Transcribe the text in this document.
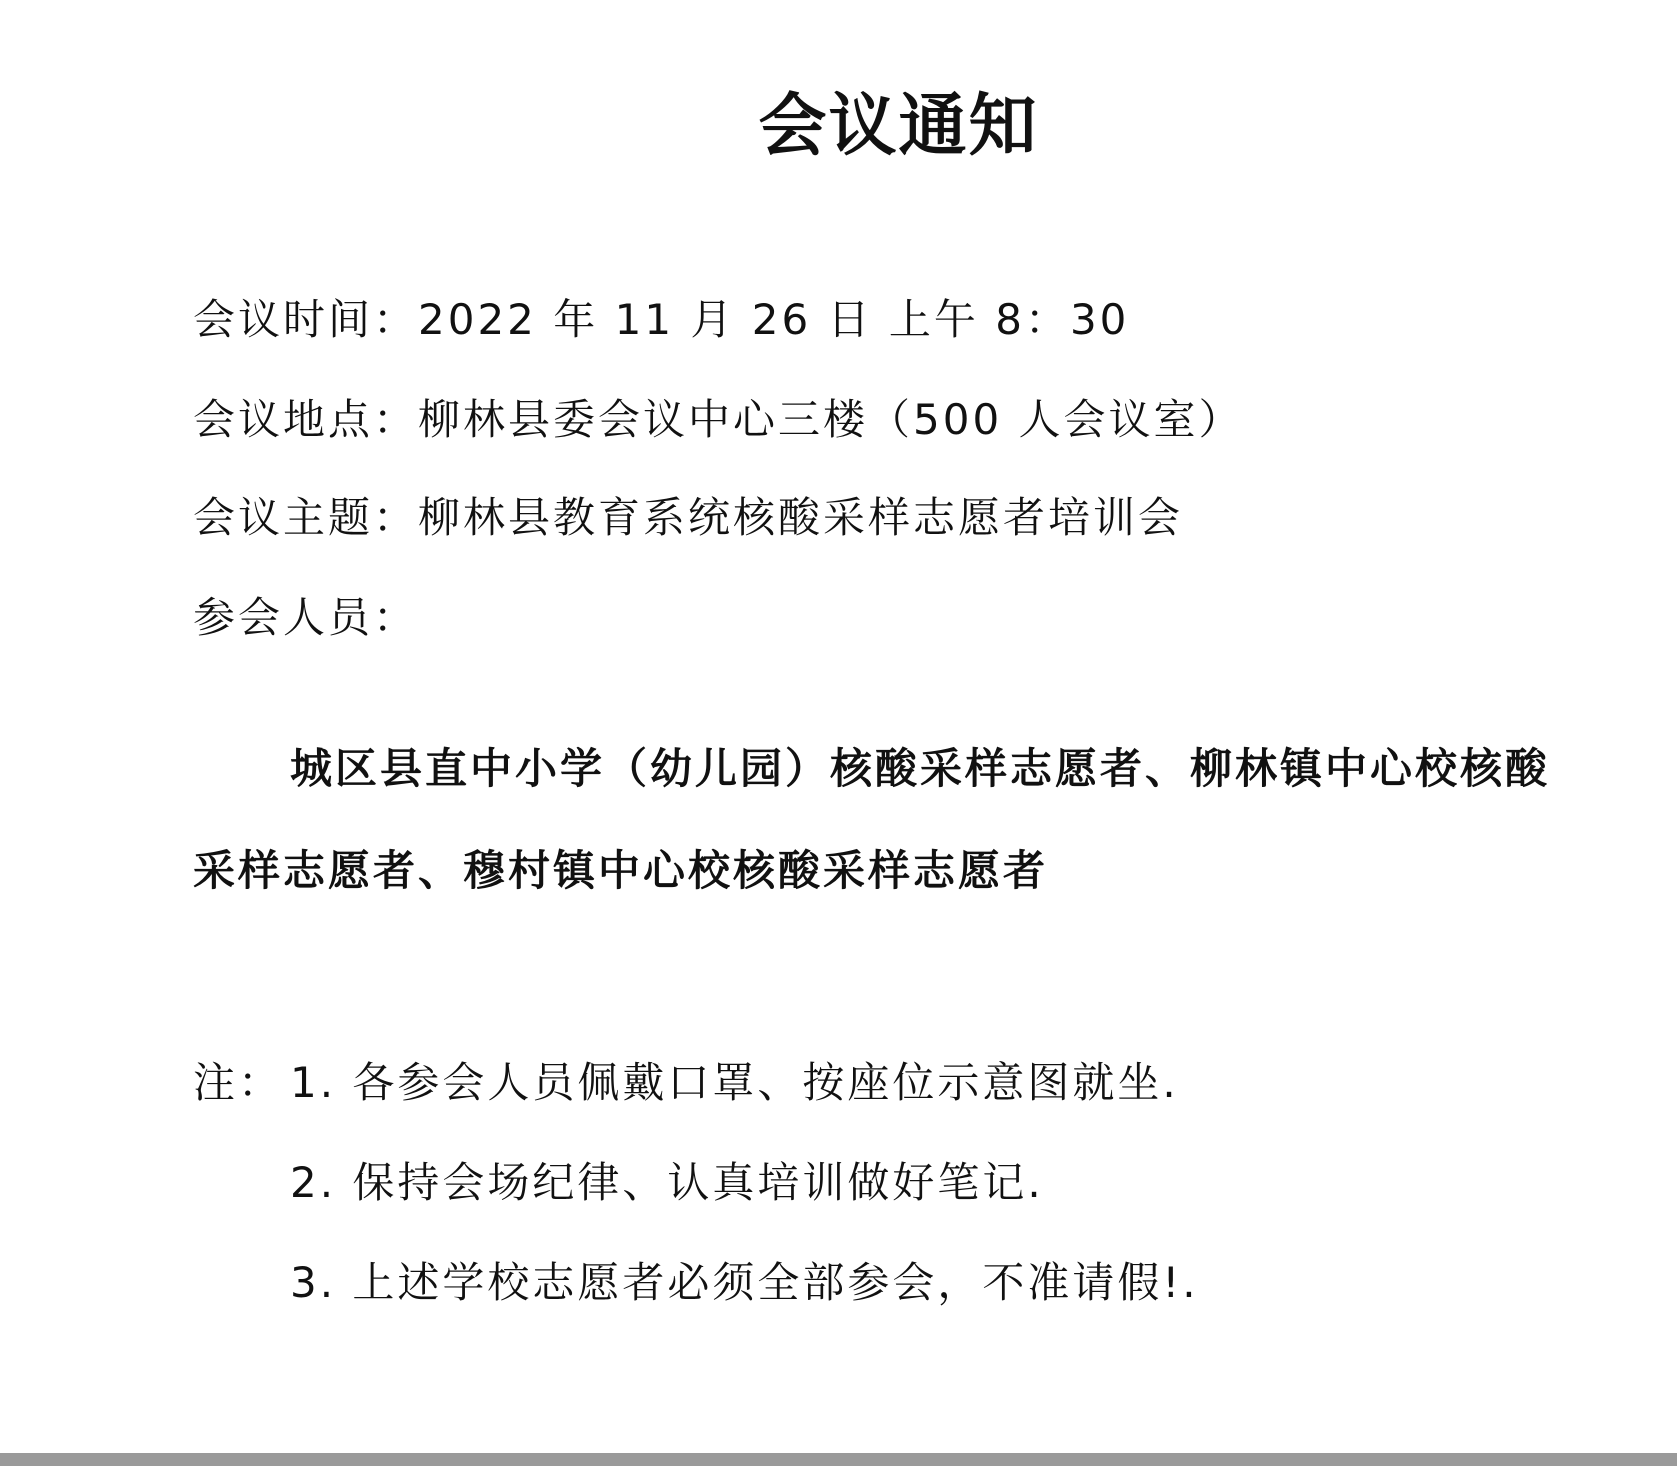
会议通知
会议时间：2022 年 11 月 26 日 上午 8：30
会议地点：柳林县委会议中心三楼（500 人会议室）
会议主题：柳林县教育系统核酸采样志愿者培训会
参会人员：
城区县直中小学（幼儿园）核酸采样志愿者、柳林镇中心校核酸
采样志愿者、穆村镇中心校核酸采样志愿者
注： 1. 各参会人员佩戴口罩、按座位示意图就坐.
2. 保持会场纪律、认真培训做好笔记.
3. 上述学校志愿者必须全部参会，不准请假!.
